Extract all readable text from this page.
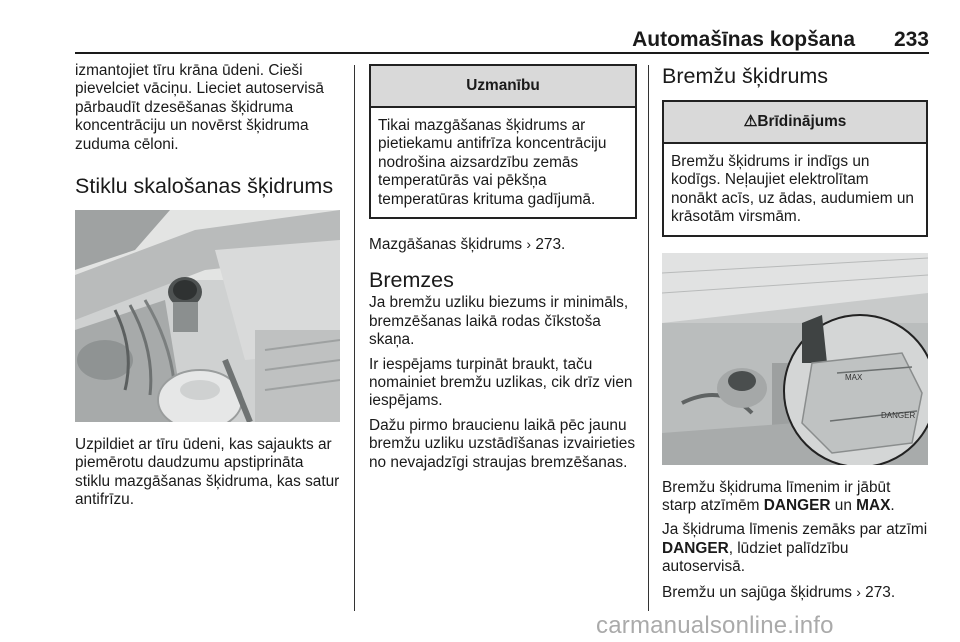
Automašīnas kopšana 233

izmantojiet tīru krāna ūdeni. Cieši pievelciet vāciņu. Lieciet autoservisā pārbaudīt dzesēšanas šķidruma koncentrāciju un novērst šķidruma zuduma cēloni.

Stiklu skalošanas šķidrums

Uzpildiet ar tīru ūdeni, kas sajaukts ar piemērotu daudzumu apstiprināta stiklu mazgāšanas šķidruma, kas satur antifrīzu.

Uzmanību

Tikai mazgāšanas šķidrums ar pietiekamu antifrīza koncentrāciju nodrošina aizsardzību zemās temperatūrās vai pēkšņa temperatūras krituma gadījumā.

Mazgāšanas šķidrums › 273.

Bremzes

Ja bremžu uzliku biezums ir minimāls, bremzēšanas laikā rodas čīkstoša skaņa.

Ir iespējams turpināt braukt, taču nomainiet bremžu uzlikas, cik drīz vien iespējams.

Dažu pirmo braucienu laikā pēc jaunu bremžu uzliku uzstādīšanas izvairieties no nevajadzīgi straujas bremzēšanas.

Bremžu šķidrums
⚠Brīdinājums

Bremžu šķidrums ir indīgs un kodīgs. Neļaujiet elektrolītam nonākt acīs, uz ādas, audumiem un krāsotām virsmām.

MAX
DANGER

Bremžu šķidruma līmenim ir jābūt starp atzīmēm DANGER un MAX.

Ja šķidruma līmenis zemāks par atzīmi DANGER, lūdziet palīdzību autoservisā.

Bremžu un sajūga šķidrums › 273.

carmanualsonline.info
